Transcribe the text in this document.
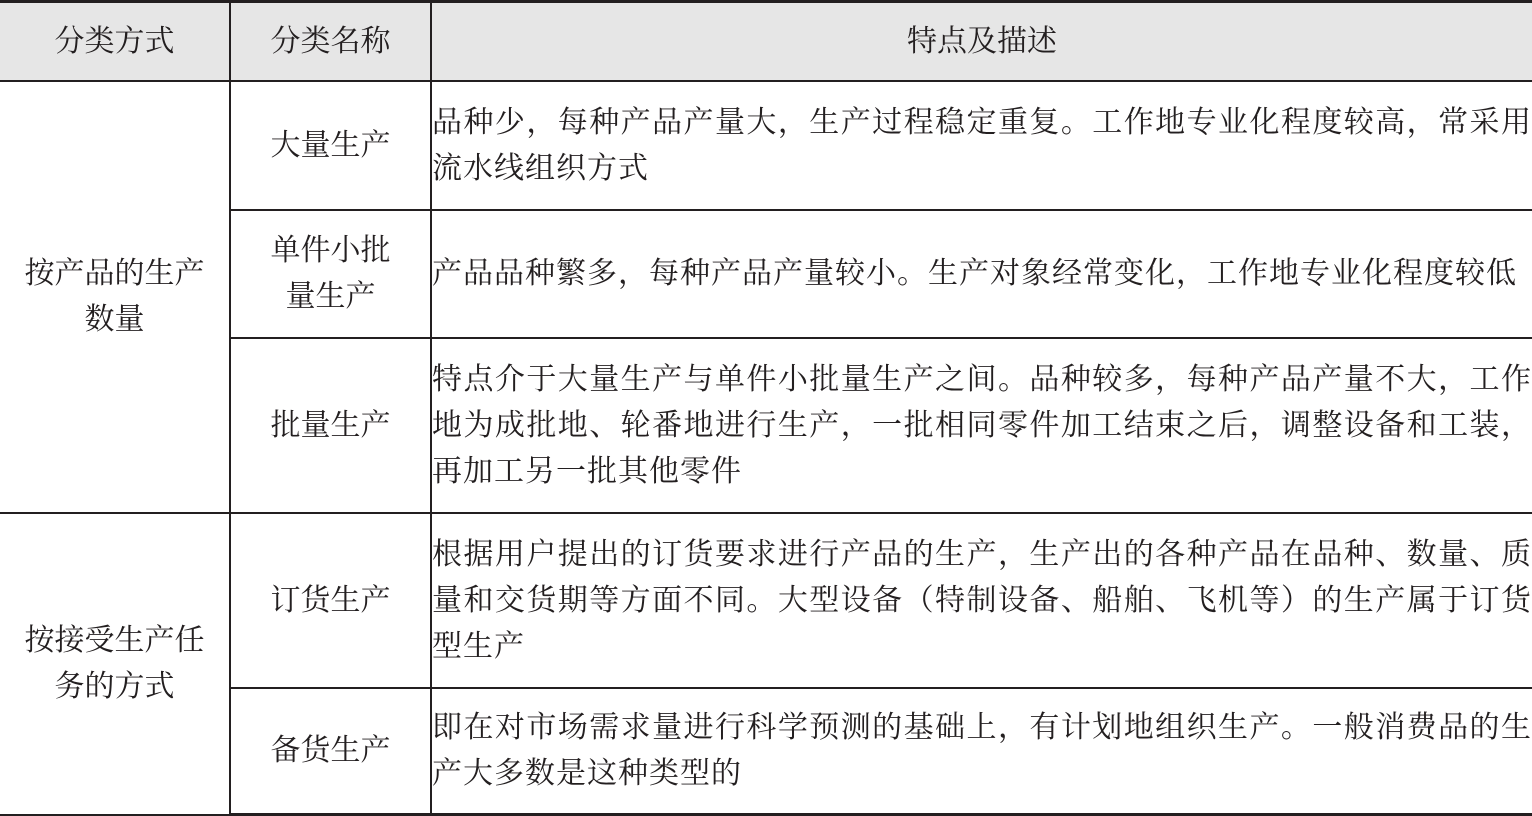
分类方式	分类名称	特点及描述
按产品的生产数量	大量生产	品种少，每种产品产量大，生产过程稳定重复。工作地专业化程度较高，常采用流水线组织方式
	单件小批量生产	产品品种繁多，每种产品产量较小。生产对象经常变化，工作地专业化程度较低
	批量生产	特点介于大量生产与单件小批量生产之间。品种较多，每种产品产量不大，工作地为成批地、轮番地进行生产，一批相同零件加工结束之后，调整设备和工装，再加工另一批其他零件
按接受生产任务的方式	订货生产	根据用户提出的订货要求进行产品的生产，生产出的各种产品在品种、数量、质量和交货期等方面不同。大型设备（特制设备、船舶、飞机等）的生产属于订货型生产
	备货生产	即在对市场需求量进行科学预测的基础上，有计划地组织生产。一般消费品的生产大多数是这种类型的
